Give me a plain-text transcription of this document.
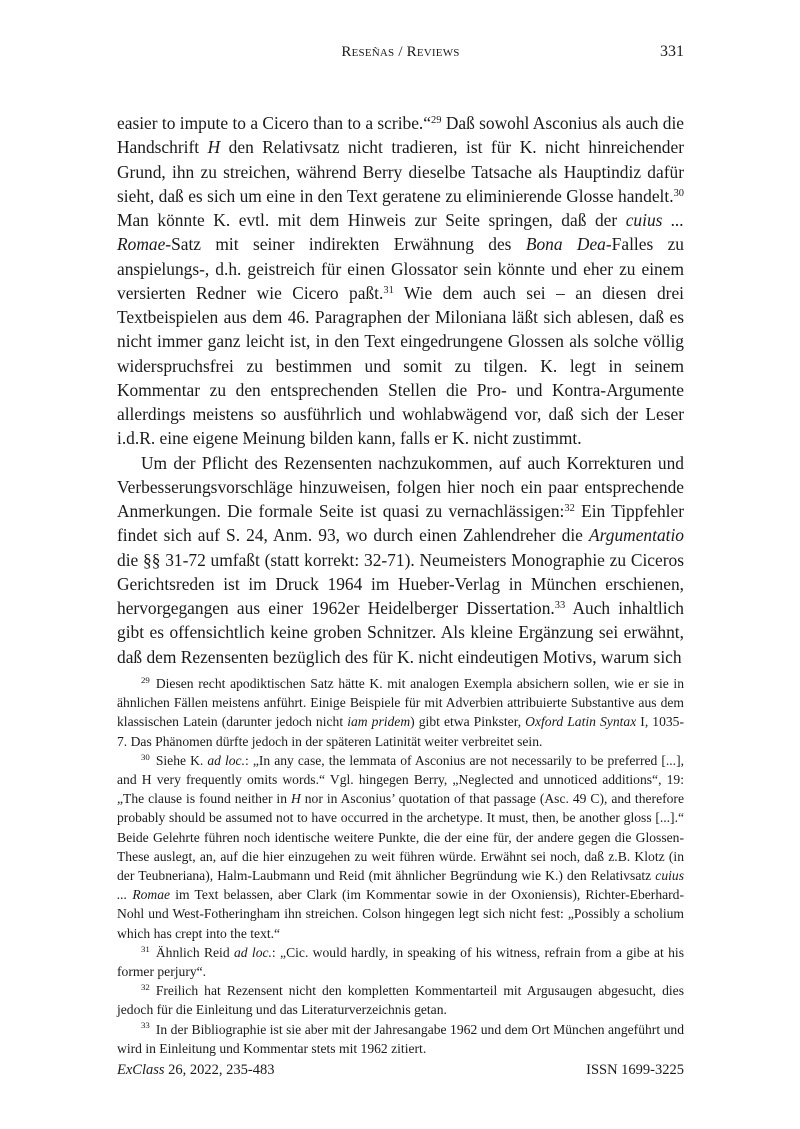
Reseñas / Reviews	331

easier to impute to a Cicero than to a scribe.“$^{29}$ Daß sowohl Asconius als auch die Handschrift H den Relativsatz nicht tradieren, ist für K. nicht hinreichender Grund, ihn zu streichen, während Berry dieselbe Tatsache als Hauptindiz dafür sieht, daß es sich um eine in den Text geratene zu eliminierende Glosse handelt.$^{30}$ Man könnte K. evtl. mit dem Hinweis zur Seite springen, daß der cuius ... Romae-Satz mit seiner indirekten Erwähnung des Bona Dea-Falles zu anspielungs-, d.h. geistreich für einen Glossator sein könnte und eher zu einem versierten Redner wie Cicero paßt.$^{31}$ Wie dem auch sei – an diesen drei Textbeispielen aus dem 46. Paragraphen der Miloniana läßt sich ablesen, daß es nicht immer ganz leicht ist, in den Text eingedrungene Glossen als solche völlig widerspruchsfrei zu bestimmen und somit zu tilgen. K. legt in seinem Kommentar zu den entsprechenden Stellen die Pro- und Kontra-Argumente allerdings meistens so ausführlich und wohlabwägend vor, daß sich der Leser i.d.R. eine eigene Meinung bilden kann, falls er K. nicht zustimmt.

Um der Pflicht des Rezensenten nachzukommen, auf auch Korrekturen und Verbesserungsvorschläge hinzuweisen, folgen hier noch ein paar entsprechende Anmerkungen. Die formale Seite ist quasi zu vernachlässigen:$^{32}$ Ein Tippfehler findet sich auf S. 24, Anm. 93, wo durch einen Zahlendreher die Argumentatio die §§ 31-72 umfaßt (statt korrekt: 32-71). Neumeisters Monographie zu Ciceros Gerichtsreden ist im Druck 1964 im Hueber-Verlag in München erschienen, hervorgegangen aus einer 1962er Heidelberger Dissertation.$^{33}$ Auch inhaltlich gibt es offensichtlich keine groben Schnitzer. Als kleine Ergänzung sei erwähnt, daß dem Rezensenten bezüglich des für K. nicht eindeutigen Motivs, warum sich

$^{29}$ Diesen recht apodiktischen Satz hätte K. mit analogen Exempla absichern sollen, wie er sie in ähnlichen Fällen meistens anführt. Einige Beispiele für mit Adverbien attribuierte Substantive aus dem klassischen Latein (darunter jedoch nicht iam pridem) gibt etwa Pinkster, Oxford Latin Syntax I, 1035-7. Das Phänomen dürfte jedoch in der späteren Latinität weiter verbreitet sein.

$^{30}$ Siehe K. ad loc.: „In any case, the lemmata of Asconius are not necessarily to be preferred [...], and H very frequently omits words.“ Vgl. hingegen Berry, „Neglected and unnoticed additions“, 19: „The clause is found neither in H nor in Asconius’ quotation of that passage (Asc. 49 C), and therefore probably should be assumed not to have occurred in the archetype. It must, then, be another gloss [...].“ Beide Gelehrte führen noch identische weitere Punkte, die der eine für, der andere gegen die Glossen-These auslegt, an, auf die hier einzugehen zu weit führen würde. Erwähnt sei noch, daß z.B. Klotz (in der Teubneriana), Halm-Laubmann und Reid (mit ähnlicher Begründung wie K.) den Relativsatz cuius ... Romae im Text belassen, aber Clark (im Kommentar sowie in der Oxoniensis), Richter-Eberhard-Nohl und West-Fotheringham ihn streichen. Colson hingegen legt sich nicht fest: „Possibly a scholium which has crept into the text.“

$^{31}$ Ähnlich Reid ad loc.: „Cic. would hardly, in speaking of his witness, refrain from a gibe at his former perjury“.

$^{32}$ Freilich hat Rezensent nicht den kompletten Kommentarteil mit Argusaugen abgesucht, dies jedoch für die Einleitung und das Literaturverzeichnis getan.

$^{33}$ In der Bibliographie ist sie aber mit der Jahresangabe 1962 und dem Ort München angeführt und wird in Einleitung und Kommentar stets mit 1962 zitiert.

ExClass 26, 2022, 235-483	ISSN 1699-3225
